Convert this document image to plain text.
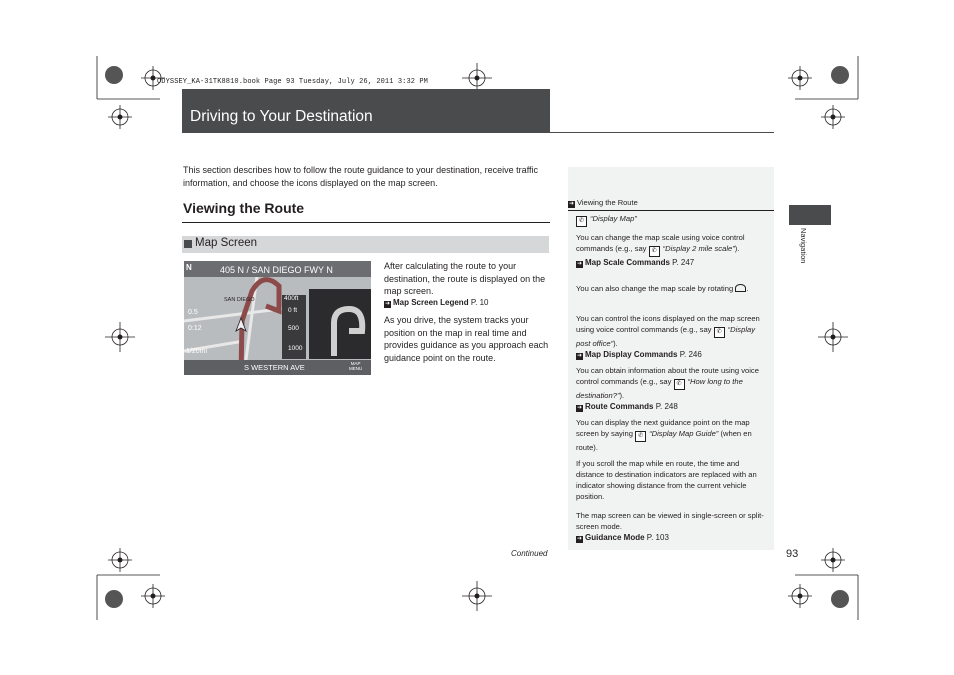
ODYSSEY_KA-31TK8810.book Page 93 Tuesday, July 26, 2011 3:32 PM
Driving to Your Destination
This section describes how to follow the route guidance to your destination, receive traffic information, and choose the icons displayed on the map screen.
Viewing the Route
Map Screen
N	405 N / SAN DIEGO FWY N
SAN DIEGO	400ft
0 ft
500
1000
0.5
0:12
1/20mi
S WESTERN AVE	MAP
MENU
After calculating the route to your destination, the route is displayed on the map screen.
➜ Map Screen Legend P. 10
As you drive, the system tracks your position on the map in real time and provides guidance as you approach each guidance point on the route.
➜ Viewing the Route
✆ “Display Map”
You can change the map scale using voice control commands (e.g., say ✆ “Display 2 mile scale”).
➜ Map Scale Commands P. 247
You can also change the map scale by rotating .
You can control the icons displayed on the map screen using voice control commands (e.g., say ✆ “Display post office”).
➜ Map Display Commands P. 246
You can obtain information about the route using voice control commands (e.g., say ✆ “How long to the destination?”).
➜ Route Commands P. 248
You can display the next guidance point on the map screen by saying ✆ “Display Map Guide” (when en route).
If you scroll the map while en route, the time and distance to destination indicators are replaced with an indicator showing distance from the current vehicle position.
The map screen can be viewed in single-screen or split-screen mode.
➜ Guidance Mode P. 103
Navigation
Continued	93
